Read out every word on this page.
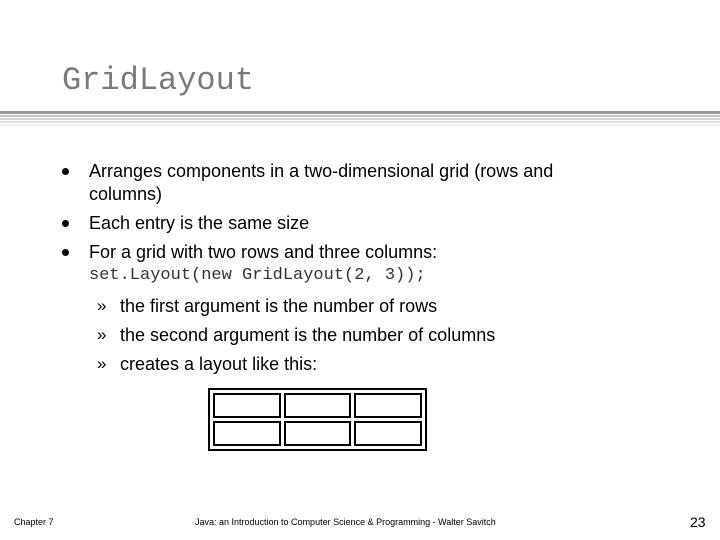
GridLayout
Arranges components in a two-dimensional grid (rows and columns)
Each entry is the same size
For a grid with two rows and three columns:
set.Layout(new GridLayout(2, 3));
» the first argument is the number of rows
» the second argument is the number of columns
» creates a layout like this:
Chapter 7	Java: an Introduction to Computer Science & Programming - Walter Savitch	23
